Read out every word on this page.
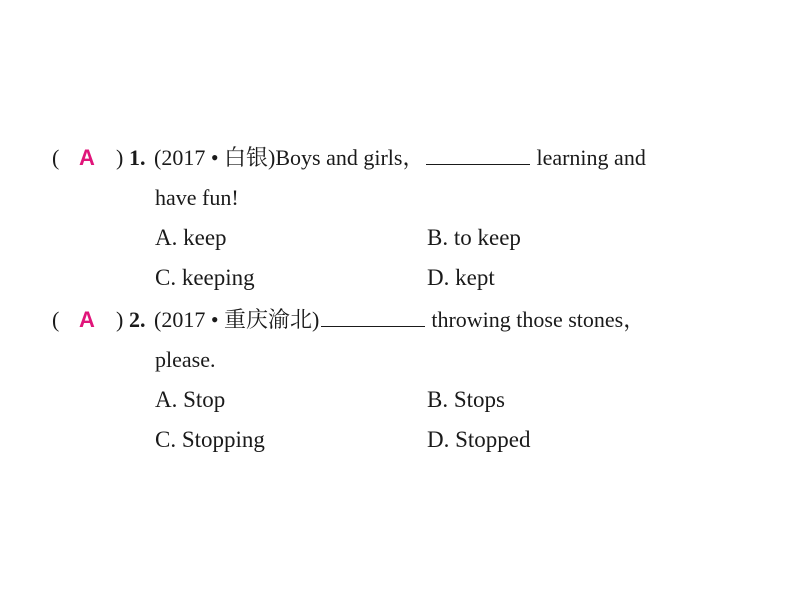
( A ) 1. (2017 • 白银)Boys and girls，	learning and
have fun!
A. keep	B. to keep
C. keeping	D. kept
( A ) 2. (2017 • 重庆渝北)	throwing those stones，
please.
A. Stop	B. Stops
C. Stopping	D. Stopped
